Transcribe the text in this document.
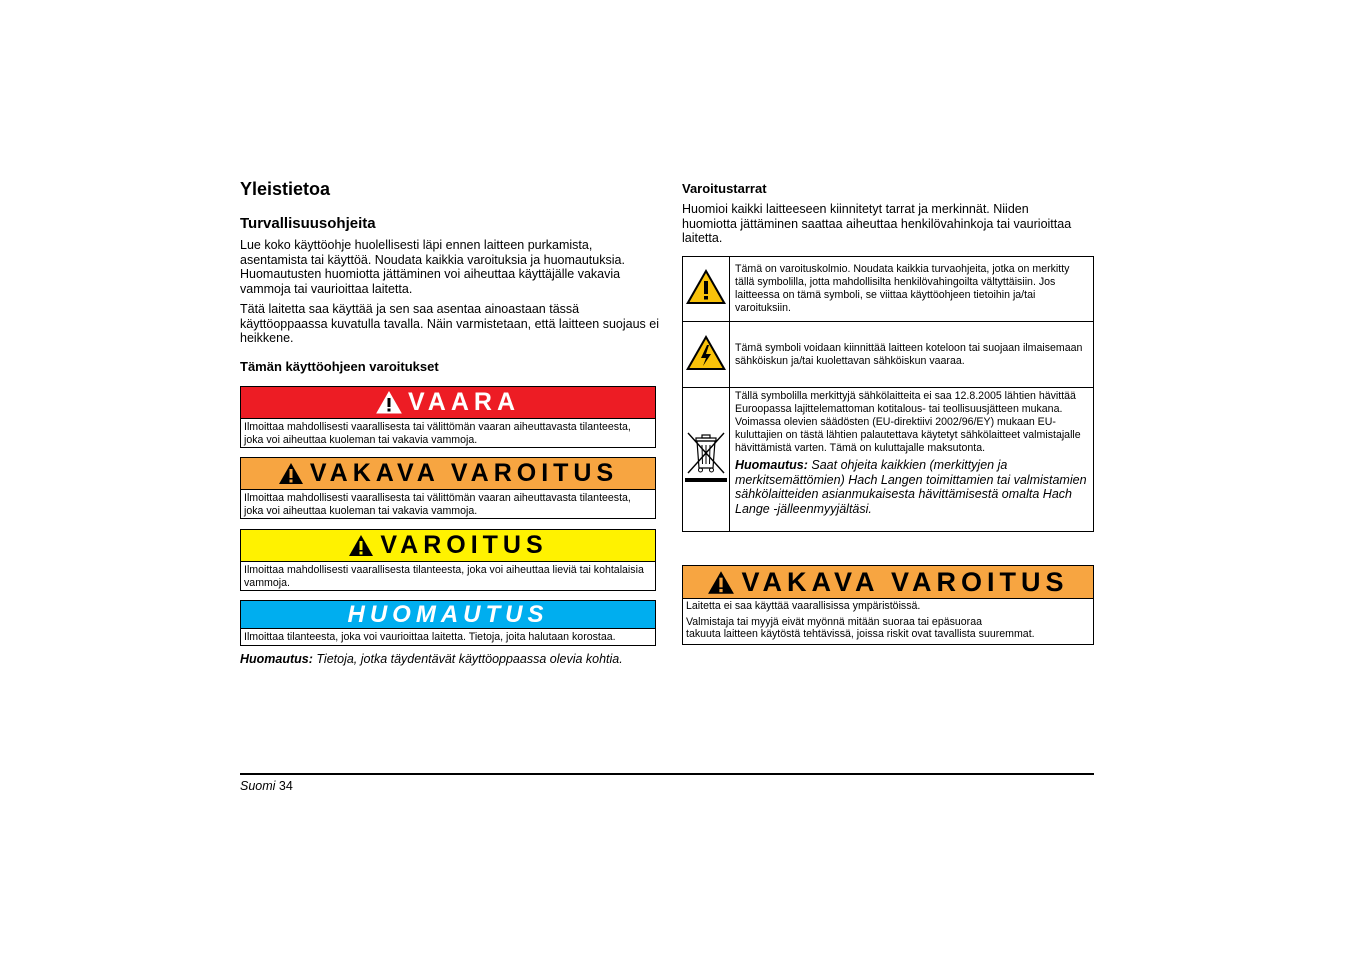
Yleistietoa
Turvallisuusohjeita

Lue koko käyttöohje huolellisesti läpi ennen laitteen purkamista, asentamista tai käyttöä. Noudata kaikkia varoituksia ja huomautuksia. Huomautusten huomiotta jättäminen voi aiheuttaa käyttäjälle vakavia vammoja tai vaurioittaa laitetta.

Tätä laitetta saa käyttää ja sen saa asentaa ainoastaan tässä käyttöoppaassa kuvatulla tavalla. Näin varmistetaan, että laitteen suojaus ei heikkene.

Tämän käyttöohjeen varoitukset
VAARA
Ilmoittaa mahdollisesti vaarallisesta tai välittömän vaaran aiheuttavasta tilanteesta, joka voi aiheuttaa kuoleman tai vakavia vammoja.
VAKAVA VAROITUS
Ilmoittaa mahdollisesti vaarallisesta tai välittömän vaaran aiheuttavasta tilanteesta, joka voi aiheuttaa kuoleman tai vakavia vammoja.
VAROITUS
Ilmoittaa mahdollisesti vaarallisesta tilanteesta, joka voi aiheuttaa lieviä tai kohtalaisia vammoja.
HUOMAUTUS
Ilmoittaa tilanteesta, joka voi vaurioittaa laitetta. Tietoja, joita halutaan korostaa.

Huomautus: Tietoja, jotka täydentävät käyttöoppaassa olevia kohtia.

Varoitustarrat

Huomioi kaikki laitteeseen kiinnitetyt tarrat ja merkinnät. Niiden huomiotta jättäminen saattaa aiheuttaa henkilövahinkoja tai vaurioittaa laitetta.

	Tämä on varoituskolmio. Noudata kaikkia turvaohjeita, jotka on merkitty tällä symbolilla, jotta mahdollisilta henkilövahingoilta vältyttäisiin. Jos laitteessa on tämä symboli, se viittaa käyttöohjeen tietoihin ja/tai varoituksiin.
	Tämä symboli voidaan kiinnittää laitteen koteloon tai suojaan ilmaisemaan sähköiskun ja/tai kuolettavan sähköiskun vaaraa.

Tällä symbolilla merkittyjä sähkölaitteita ei saa 12.8.2005 lähtien hävittää Euroopassa lajittelemattoman kotitalous- tai teollisuusjätteen mukana. Voimassa olevien säädösten (EU-direktiivi 2002/96/EY) mukaan EU-kuluttajien on tästä lähtien palautettava käytetyt sähkölaitteet valmistajalle hävittämistä varten. Tämä on kuluttajalle maksutonta.
Huomautus: Saat ohjeita kaikkien (merkittyjen ja merkitsemättömien) Hach Langen toimittamien tai valmistamien sähkölaitteiden asianmukaisesta hävittämisestä omalta Hach Lange -jälleenmyyjältäsi.
VAKAVA VAROITUS
Laitetta ei saa käyttää vaarallisissa ympäristöissä.
Valmistaja tai myyjä eivät myönnä mitään suoraa tai epäsuoraa
takuuta laitteen käytöstä tehtävissä, joissa riskit ovat tavallista suuremmat.
Suomi 34
